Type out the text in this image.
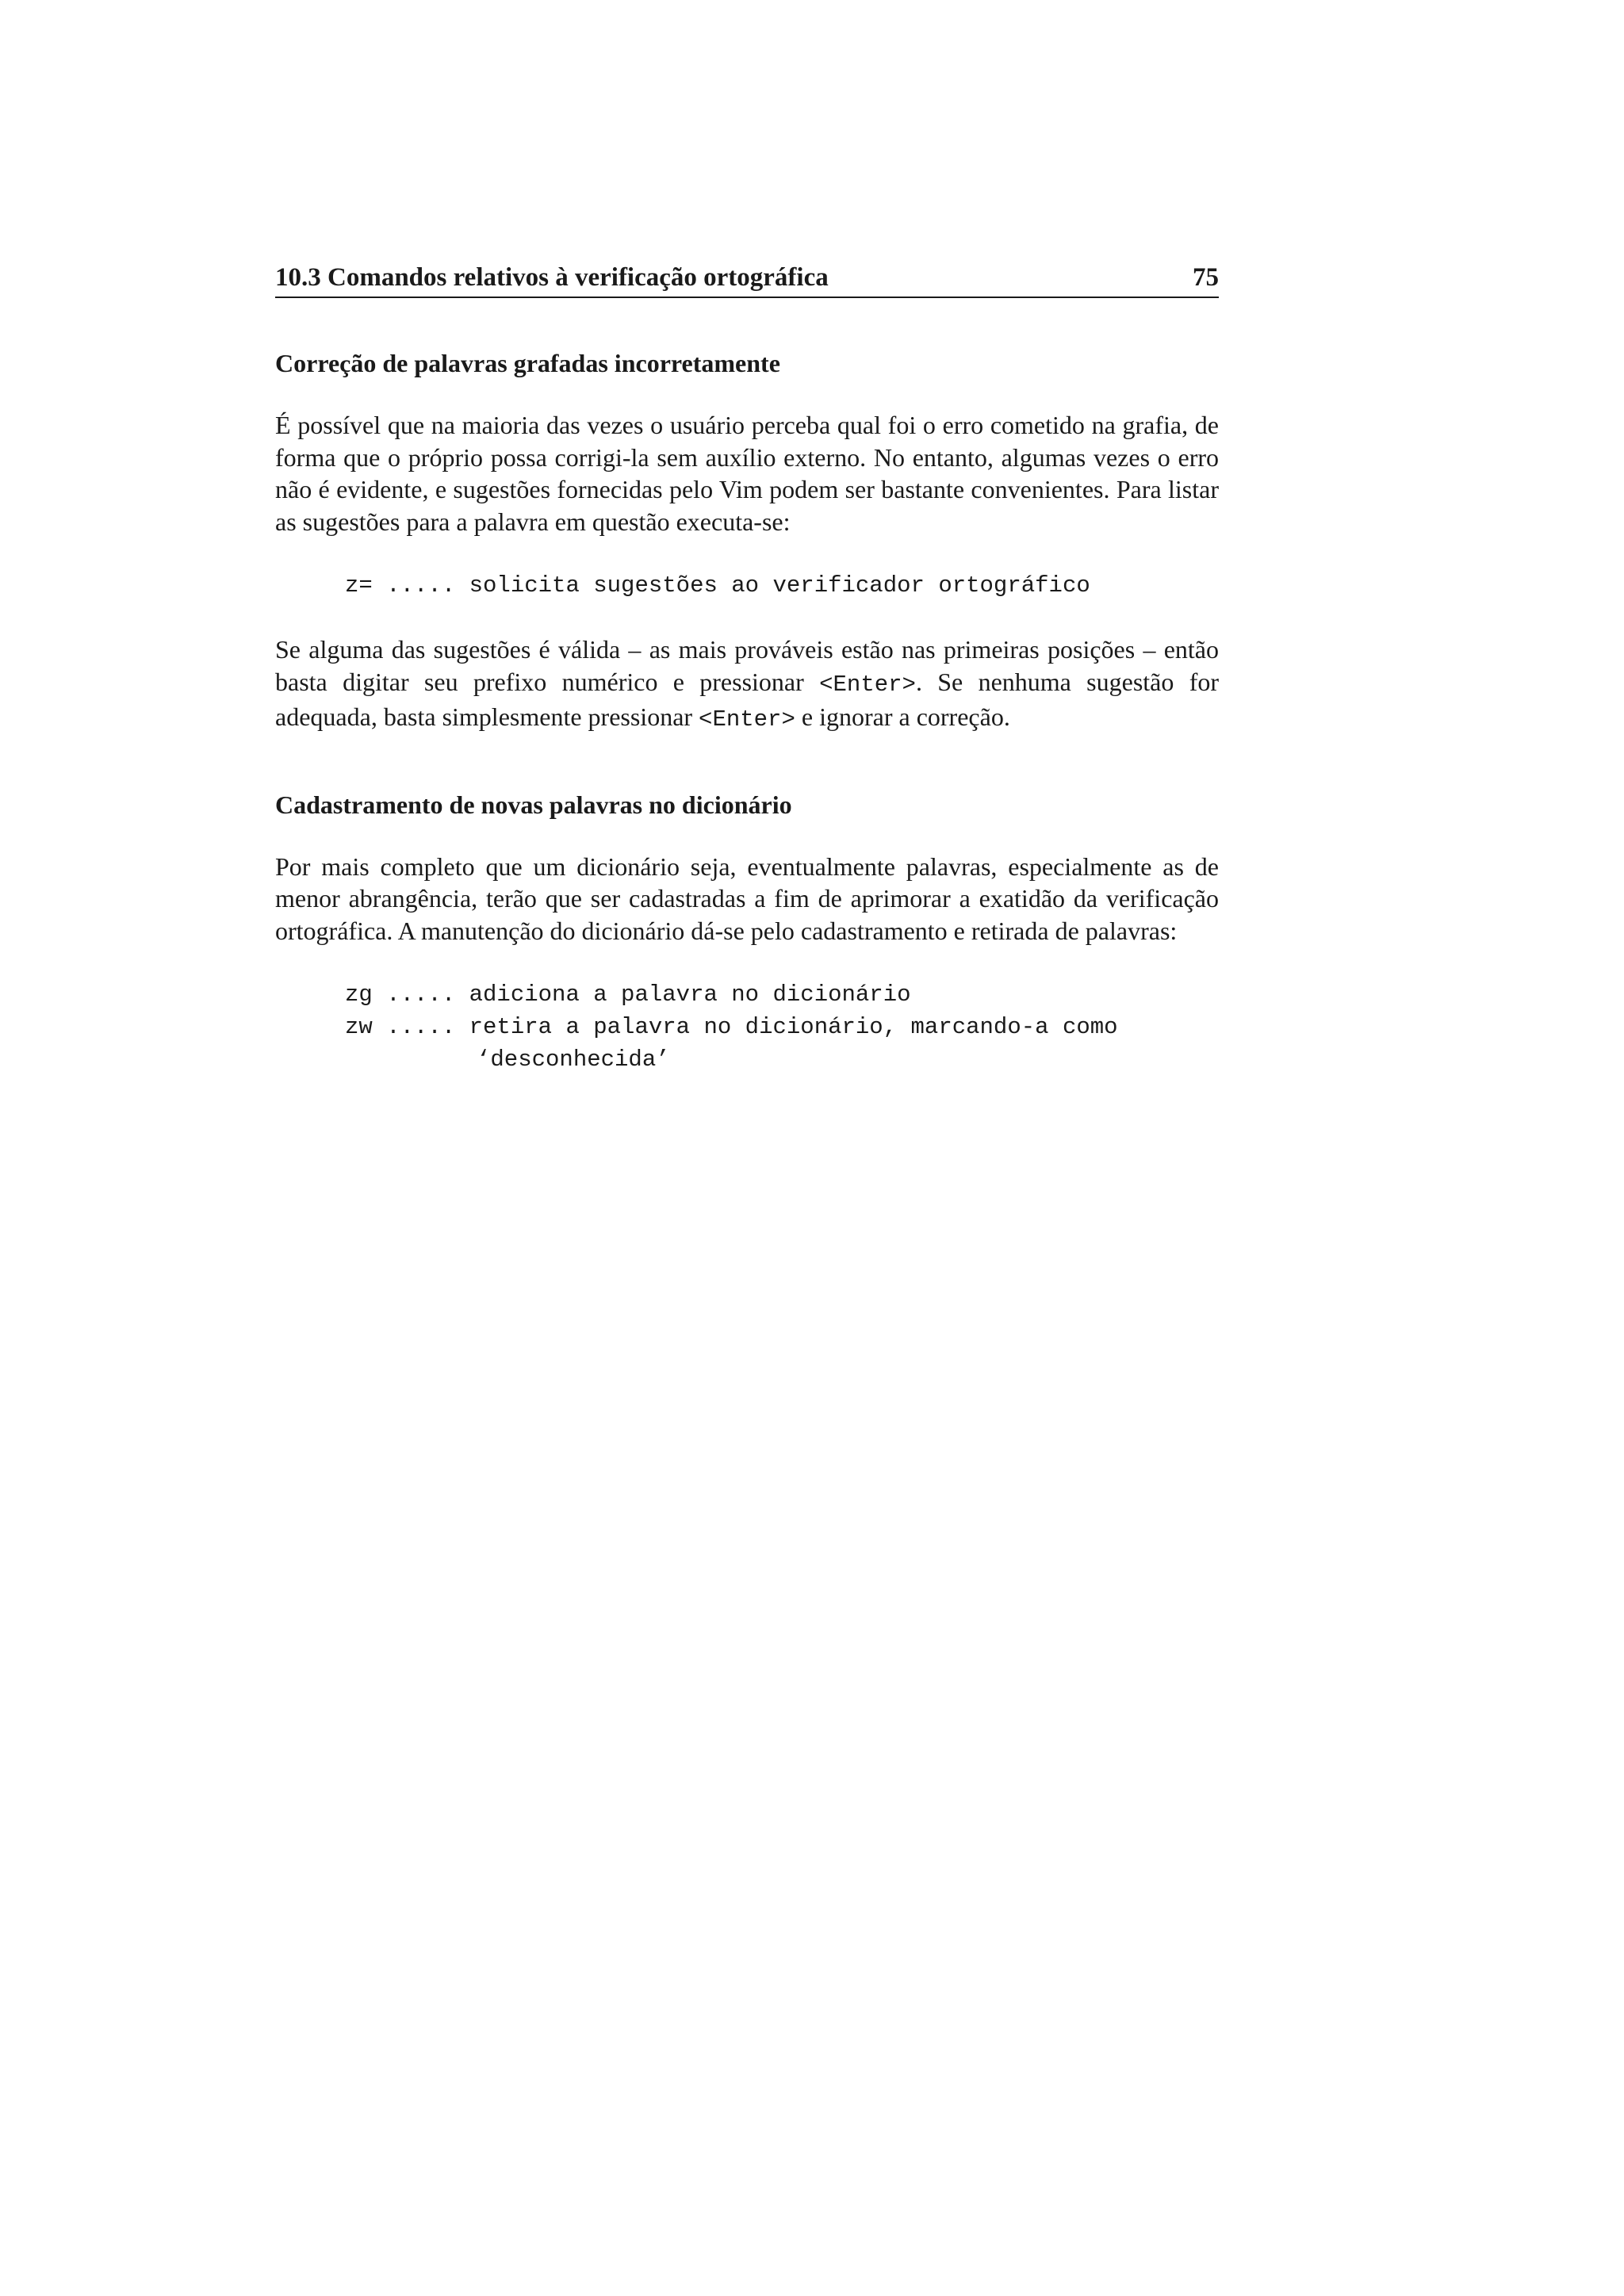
10.3 Comandos relativos à verificação ortográfica	75
Correção de palavras grafadas incorretamente

É possível que na maioria das vezes o usuário perceba qual foi o erro cometido na grafia, de forma que o próprio possa corrigi-la sem auxílio externo. No entanto, algumas vezes o erro não é evidente, e sugestões fornecidas pelo Vim podem ser bastante convenientes. Para listar as sugestões para a palavra em questão executa-se:

z= ..... solicita sugestões ao verificador ortográfico

Se alguma das sugestões é válida – as mais prováveis estão nas primeiras posições – então basta digitar seu prefixo numérico e pressionar <Enter>. Se nenhuma sugestão for adequada, basta simplesmente pressionar <Enter> e ignorar a correção.

Cadastramento de novas palavras no dicionário

Por mais completo que um dicionário seja, eventualmente palavras, especialmente as de menor abrangência, terão que ser cadastradas a fim de aprimorar a exatidão da verificação ortográfica. A manutenção do dicionário dá-se pelo cadastramento e retirada de palavras:

zg ..... adiciona a palavra no dicionário
zw ..... retira a palavra no dicionário, marcando-a como
‘desconhecida’
